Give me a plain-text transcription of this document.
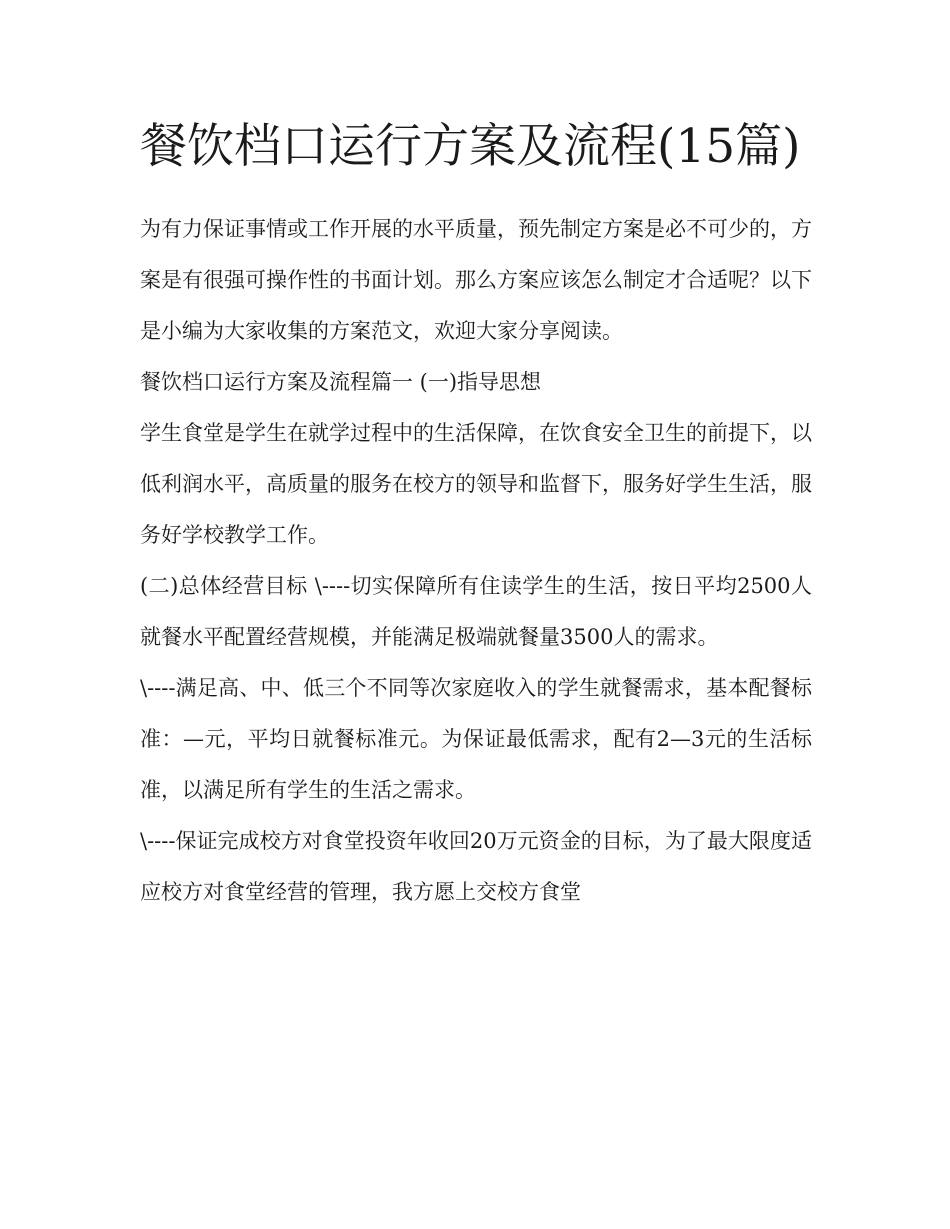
餐饮档口运行方案及流程(15篇)

为有力保证事情或工作开展的水平质量，预先制定方案是必不可少的，方案是有很强可操作性的书面计划。那么方案应该怎么制定才合适呢？以下是小编为大家收集的方案范文，欢迎大家分享阅读。

餐饮档口运行方案及流程篇一 (一)指导思想

学生食堂是学生在就学过程中的生活保障，在饮食安全卫生的前提下，以低利润水平，高质量的服务在校方的领导和监督下，服务好学生生活，服务好学校教学工作。

(二)总体经营目标 \----切实保障所有住读学生的生活，按日平均2500人就餐水平配置经营规模，并能满足极端就餐量3500人的需求。

\----满足高、中、低三个不同等次家庭收入的学生就餐需求，基本配餐标准：—元，平均日就餐标准元。为保证最低需求，配有2—3元的生活标准，以满足所有学生的生活之需求。

\----保证完成校方对食堂投资年收回20万元资金的目标，为了最大限度适应校方对食堂经营的管理，我方愿上交校方食堂
